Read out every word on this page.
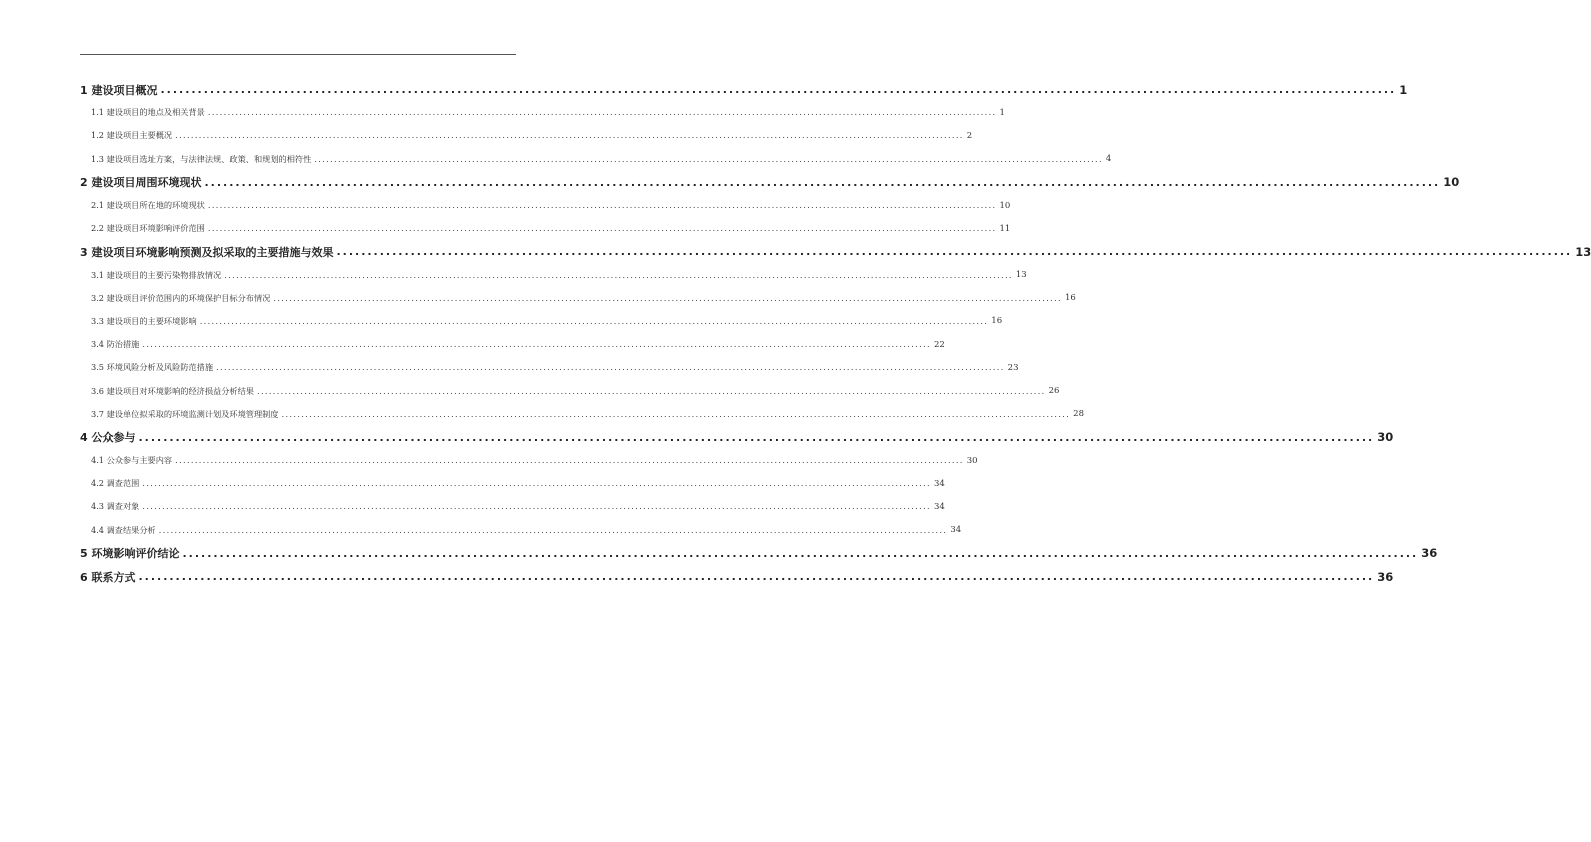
1 建设项目概况 ........................................................................................................................................................................................................ 1
1.1 建设项目的地点及相关背景 ........................................................................................................................................................................................................ 1
1.2 建设项目主要概况 ........................................................................................................................................................................................................ 2
1.3 建设项目选址方案，与法律法规、政策、和规划的相符性 ........................................................................................................................................................................................................ 4
2 建设项目周围环境现状 ........................................................................................................................................................................................................ 10
2.1 建设项目所在地的环境现状 ........................................................................................................................................................................................................ 10
2.2 建设项目环境影响评价范围 ........................................................................................................................................................................................................ 11
3 建设项目环境影响预测及拟采取的主要措施与效果 ........................................................................................................................................................................................................ 13
3.1 建设项目的主要污染物排放情况 ........................................................................................................................................................................................................ 13
3.2 建设项目评价范围内的环境保护目标分布情况 ........................................................................................................................................................................................................ 16
3.3 建设项目的主要环境影响 ........................................................................................................................................................................................................ 16
3.4 防治措施 ........................................................................................................................................................................................................ 22
3.5 环境风险分析及风险防范措施 ........................................................................................................................................................................................................ 23
3.6 建设项目对环境影响的经济损益分析结果 ........................................................................................................................................................................................................ 26
3.7 建设单位拟采取的环境监测计划及环境管理制度 ........................................................................................................................................................................................................ 28
4 公众参与 ........................................................................................................................................................................................................ 30
4.1 公众参与主要内容 ........................................................................................................................................................................................................ 30
4.2 调查范围 ........................................................................................................................................................................................................ 34
4.3 调查对象 ........................................................................................................................................................................................................ 34
4.4 调查结果分析 ........................................................................................................................................................................................................ 34
5 环境影响评价结论 ........................................................................................................................................................................................................ 36
6 联系方式 ........................................................................................................................................................................................................ 36
